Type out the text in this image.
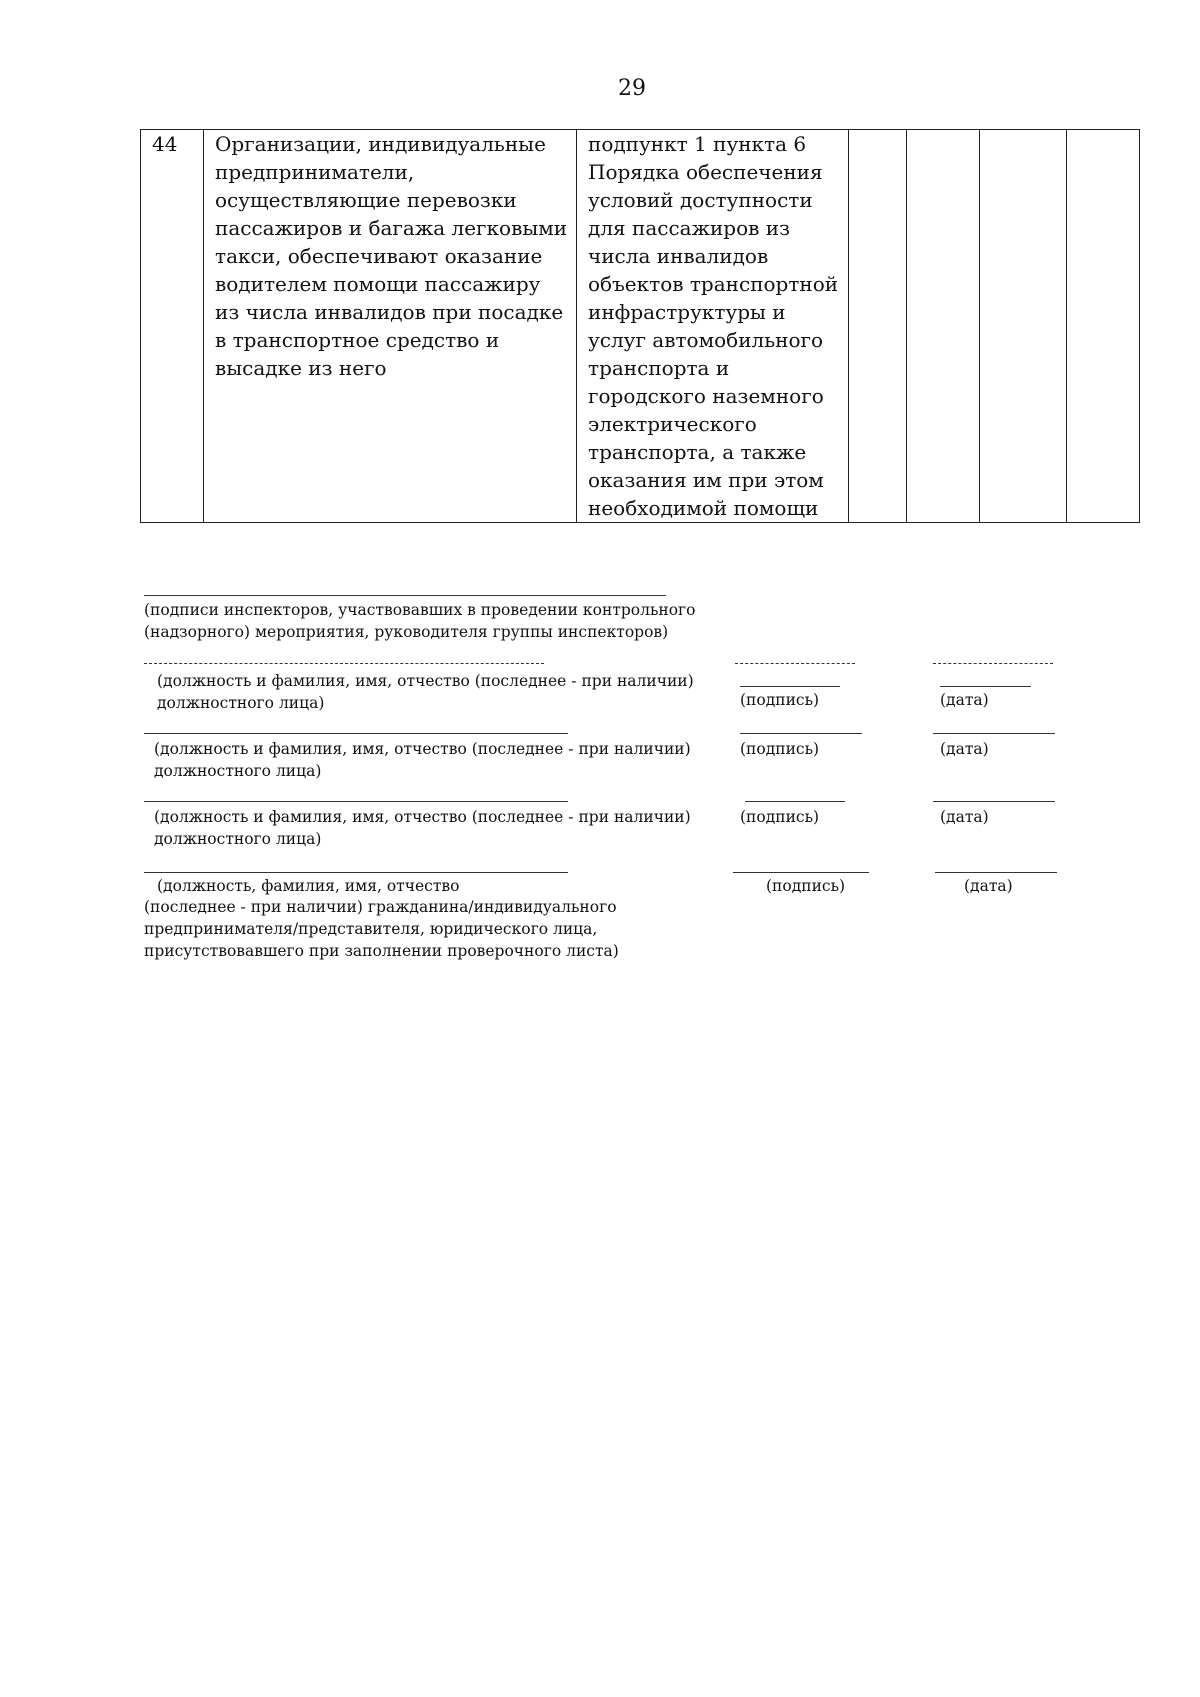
29
44	Организации, индивидуальные
предприниматели,
осуществляющие перевозки
пассажиров и багажа легковыми
такси, обеспечивают оказание
водителем помощи пассажиру
из числа инвалидов при посадке
в транспортное средство и
высадке из него	подпункт 1 пункта 6
Порядка обеспечения
условий доступности
для пассажиров из
числа инвалидов
объектов транспортной
инфраструктуры и
услуг автомобильного
транспорта и
городского наземного
электрического
транспорта, а также
оказания им при этом
необходимой помощи				
(подписи инспекторов, участвовавших в проведении контрольного
(надзорного) мероприятия, руководителя группы инспекторов)
(должность и фамилия, имя, отчество (последнее - при наличии)
должностного лица)	(подпись)	(дата)
(должность и фамилия, имя, отчество (последнее - при наличии)
должностного лица)
(подпись)	(дата)
(должность и фамилия, имя, отчество (последнее - при наличии)
должностного лица)
(подпись)	(дата)
(должность, фамилия, имя, отчество
(последнее - при наличии) гражданина/индивидуального
предпринимателя/представителя, юридического лица,
присутствовавшего при заполнении проверочного листа)
(подпись)	(дата)
